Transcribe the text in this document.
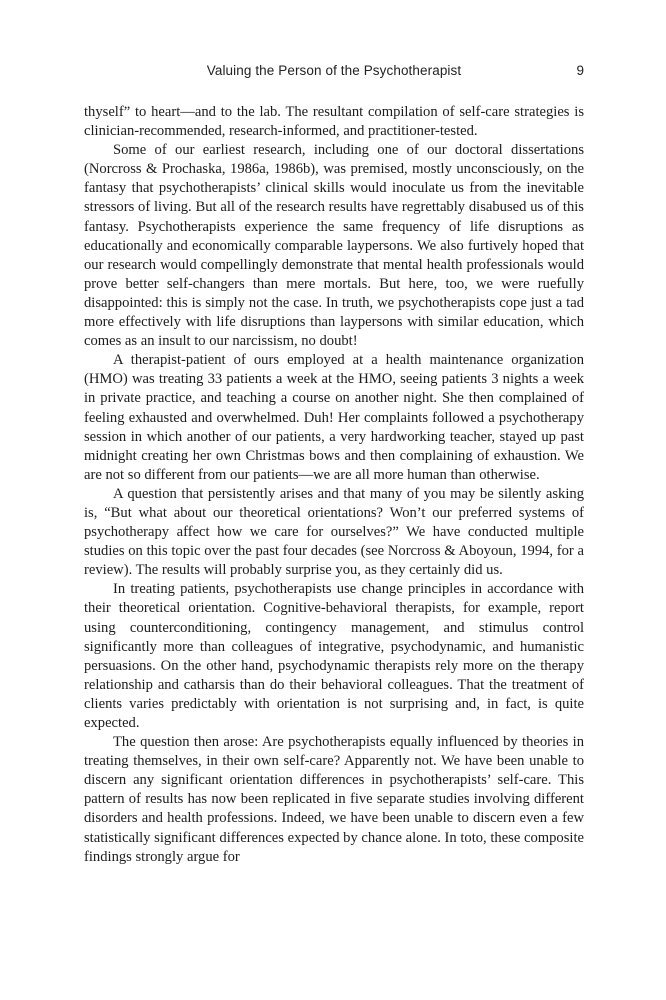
Valuing the Person of the Psychotherapist	9

thyself” to heart—and to the lab. The resultant compilation of self-care strategies is clinician-recommended, research-informed, and practitioner-tested.

Some of our earliest research, including one of our doctoral dissertations (Norcross & Prochaska, 1986a, 1986b), was premised, mostly unconsciously, on the fantasy that psychotherapists’ clinical skills would inoculate us from the inevitable stressors of living. But all of the research results have regrettably disabused us of this fantasy. Psychotherapists experience the same frequency of life disruptions as educationally and economically comparable laypersons. We also furtively hoped that our research would compellingly demonstrate that mental health professionals would prove better self-changers than mere mortals. But here, too, we were ruefully disappointed: this is simply not the case. In truth, we psychotherapists cope just a tad more effectively with life disruptions than laypersons with similar education, which comes as an insult to our narcissism, no doubt!

A therapist-patient of ours employed at a health maintenance organization (HMO) was treating 33 patients a week at the HMO, seeing patients 3 nights a week in private practice, and teaching a course on another night. She then complained of feeling exhausted and overwhelmed. Duh! Her complaints followed a psychotherapy session in which another of our patients, a very hardworking teacher, stayed up past midnight creating her own Christmas bows and then complaining of exhaustion. We are not so different from our patients—we are all more human than otherwise.

A question that persistently arises and that many of you may be silently asking is, “But what about our theoretical orientations? Won’t our preferred systems of psychotherapy affect how we care for ourselves?” We have conducted multiple studies on this topic over the past four decades (see Norcross & Aboyoun, 1994, for a review). The results will probably surprise you, as they certainly did us.

In treating patients, psychotherapists use change principles in accordance with their theoretical orientation. Cognitive-behavioral therapists, for example, report using counterconditioning, contingency management, and stimulus control significantly more than colleagues of integrative, psychodynamic, and humanistic persuasions. On the other hand, psychodynamic therapists rely more on the therapy relationship and catharsis than do their behavioral colleagues. That the treatment of clients varies predictably with orientation is not surprising and, in fact, is quite expected.

The question then arose: Are psychotherapists equally influenced by theories in treating themselves, in their own self-care? Apparently not. We have been unable to discern any significant orientation differences in psychotherapists’ self-care. This pattern of results has now been replicated in five separate studies involving different disorders and health professions. Indeed, we have been unable to discern even a few statistically significant differences expected by chance alone. In toto, these composite findings strongly argue for
